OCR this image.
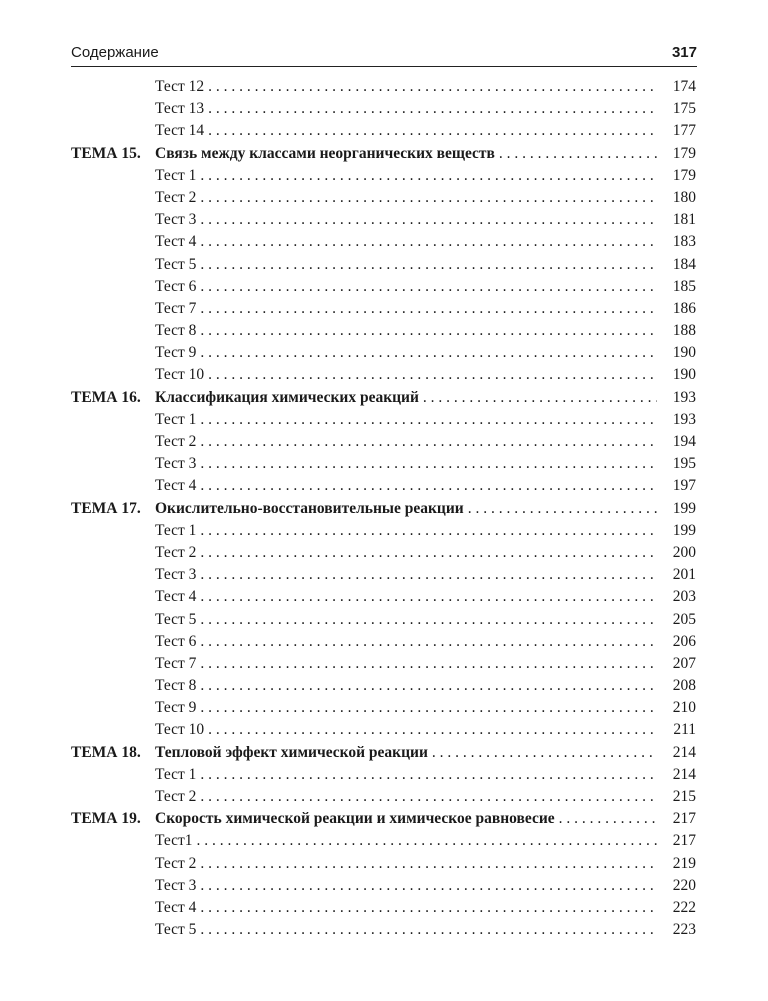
Содержание	317
Тест 12 . . .	174
Тест 13 . . .	175
Тест 14 . . .	177
ТЕМА 15. Связь между классами неорганических веществ . . .	179
Тест 1 . . .	179
Тест 2 . . .	180
Тест 3 . . .	181
Тест 4 . . .	183
Тест 5 . . .	184
Тест 6 . . .	185
Тест 7 . . .	186
Тест 8 . . .	188
Тест 9 . . .	190
Тест 10 . . .	190
ТЕМА 16. Классификация химических реакций . . .	193
Тест 1 . . .	193
Тест 2 . . .	194
Тест 3 . . .	195
Тест 4 . . .	197
ТЕМА 17. Окислительно-восстановительные реакции . . .	199
Тест 1 . . .	199
Тест 2 . . .	200
Тест 3 . . .	201
Тест 4 . . .	203
Тест 5 . . .	205
Тест 6 . . .	206
Тест 7 . . .	207
Тест 8 . . .	208
Тест 9 . . .	210
Тест 10 . . .	211
ТЕМА 18. Тепловой эффект химической реакции . . .	214
Тест 1 . . .	214
Тест 2 . . .	215
ТЕМА 19. Скорость химической реакции и химическое равновесие . . .	217
Тест1 . . .	217
Тест 2 . . .	219
Тест 3 . . .	220
Тест 4 . . .	222
Тест 5 . . .	223
